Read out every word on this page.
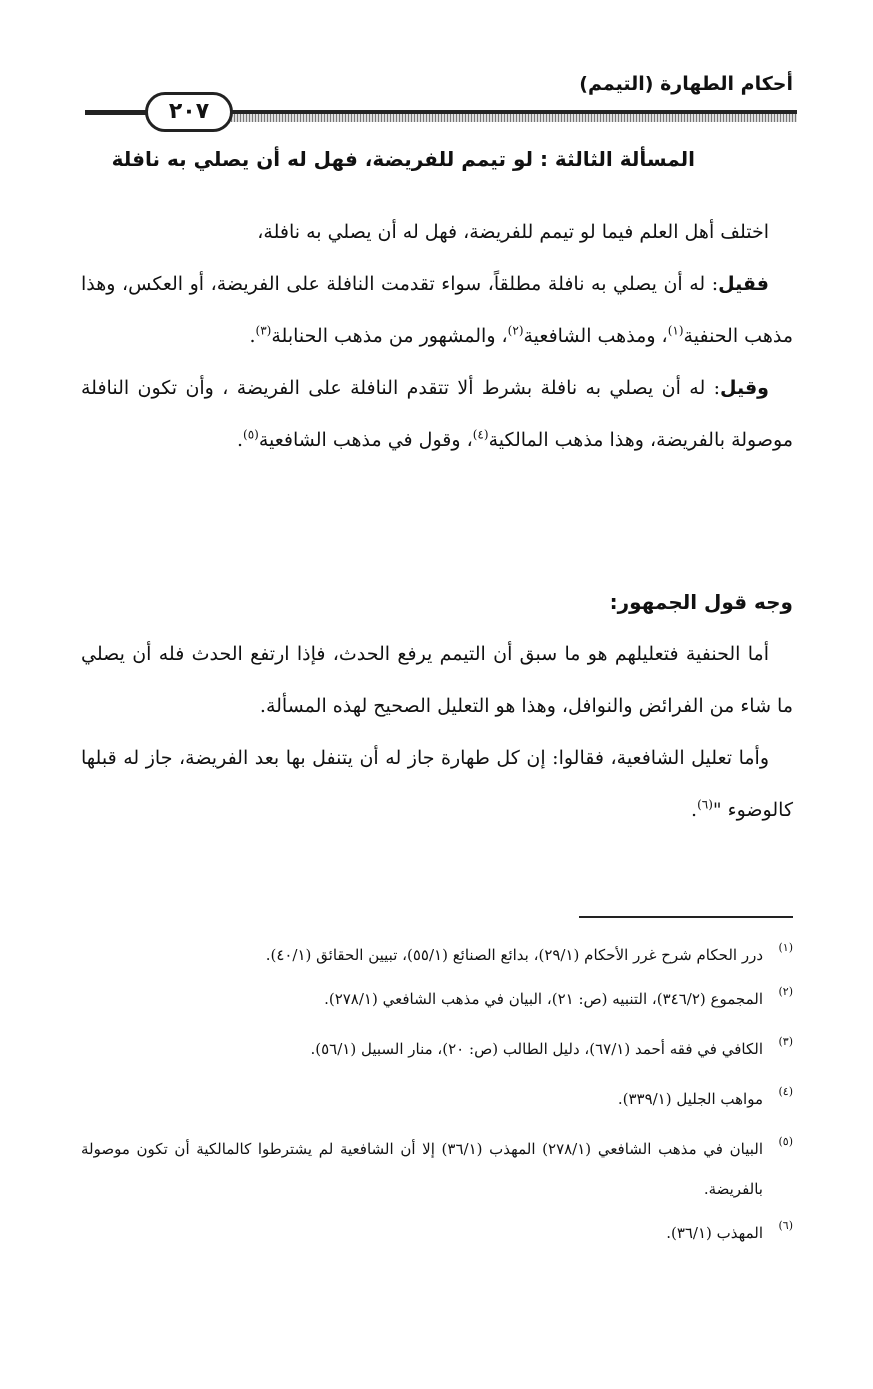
أحكام الطهارة (التيمم)
٢٠٧
المسألة الثالثة : لو تيمم للفريضة، فهل له أن يصلي به نافلة

اختلف أهل العلم فيما لو تيمم للفريضة، فهل له أن يصلي به نافلة،

فقيل: له أن يصلي به نافلة مطلقاً، سواء تقدمت النافلة على الفريضة، أو العكس، وهذا مذهب الحنفية$^{(١)}$، ومذهب الشافعية$^{(٢)}$، والمشهور من مذهب الحنابلة$^{(٣)}$.

وقيل: له أن يصلي به نافلة بشرط ألا تتقدم النافلة على الفريضة ، وأن تكون النافلة موصولة بالفريضة، وهذا مذهب المالكية$^{(٤)}$، وقول في مذهب الشافعية$^{(٥)}$.

وجه قول الجمهور:

أما الحنفية فتعليلهم هو ما سبق أن التيمم يرفع الحدث، فإذا ارتفع الحدث فله أن يصلي ما شاء من الفرائض والنوافل، وهذا هو التعليل الصحيح لهذه المسألة.

وأما تعليل الشافعية، فقالوا: إن كل طهارة جاز له أن يتنفل بها بعد الفريضة، جاز له قبلها كالوضوء "$^{(٦)}$.

(١)
درر الحكام شرح غرر الأحكام (٢٩/١)، بدائع الصنائع (٥٥/١)، تبيين الحقائق (٤٠/١).
(٢)
المجموع (٣٤٦/٢)، التنبيه (ص: ٢١)، البيان في مذهب الشافعي (٢٧٨/١).
(٣)
الكافي في فقه أحمد (٦٧/١)، دليل الطالب (ص: ٢٠)، منار السبيل (٥٦/١).
(٤)
مواهب الجليل (٣٣٩/١).
(٥)
البيان في مذهب الشافعي (٢٧٨/١) المهذب (٣٦/١) إلا أن الشافعية لم يشترطوا كالمالكية أن تكون موصولة بالفريضة.
(٦)
المهذب (٣٦/١).
